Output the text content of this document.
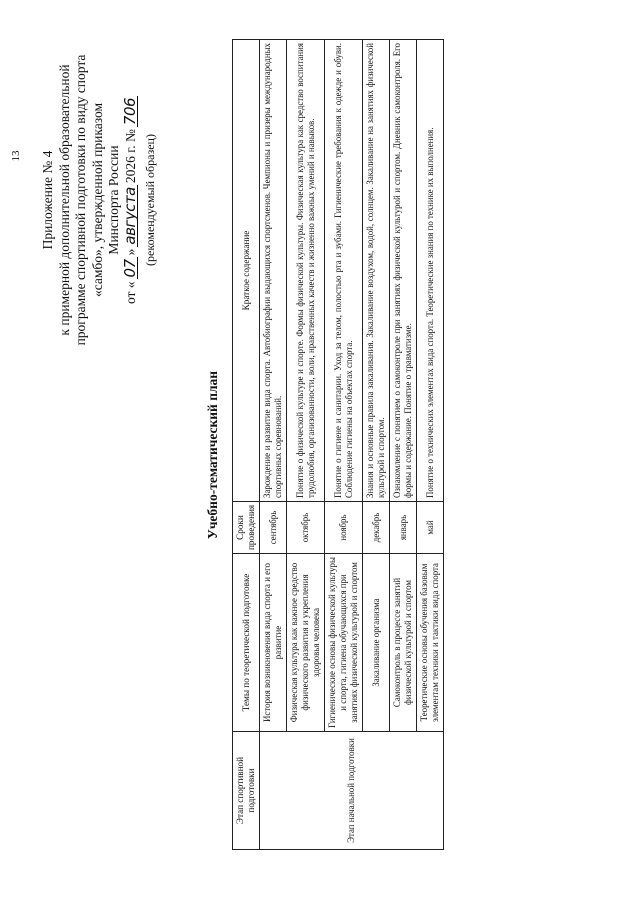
13 Приложение № 4 к примерной дополнительной образовательной программе спортивной подготовки по виду спорта «самбо», утвержденной приказом Минспорта России
от «
07
»
августа
2026 г. №
706
(рекомендуемый образец)
Учебно-тематический план
Этап спортивной подготовки	Темы по теоретической подготовке	Сроки проведения	Краткое содержание
Этап начальной подготовки	История возникновения вида спорта и его развитие	сентябрь	Зарождение и развитие вида спорта. Автобиографии выдающихся спортсменов. Чемпионы и призеры международных спортивных соревнований.
	Физическая культура как важное средство физического развития и укрепления здоровья человека	октябрь	Понятие о физической культуре и спорте. Формы физической культуры. Физическая культура как средство воспитания трудолюбия, организованности, воли, нравственных качеств и жизненно важных умений и навыков.
	Гигиенические основы физической культуры и спорта, гигиена обучающихся при занятиях физической культурой и спортом	ноябрь	Понятие о гигиене и санитарии. Уход за телом, полостью рта и зубами. Гигиенические требования к одежде и обуви. Соблюдение гигиены на объектах спорта.
	Закаливание организма	декабрь	Знания и основные правила закаливания. Закаливание воздухом, водой, солнцем. Закаливание на занятиях физической культурой и спортом.
	Самоконтроль в процессе занятий физической культурой и спортом	январь	Ознакомление с понятием о самоконтроле при занятиях физической культурой и спортом. Дневник самоконтроля. Его формы и содержание. Понятие о травматизме.
	Теоретические основы обучения базовым элементам техники и тактики вида спорта	май	Понятие о технических элементах вида спорта. Теоретические знания по технике их выполнения.
